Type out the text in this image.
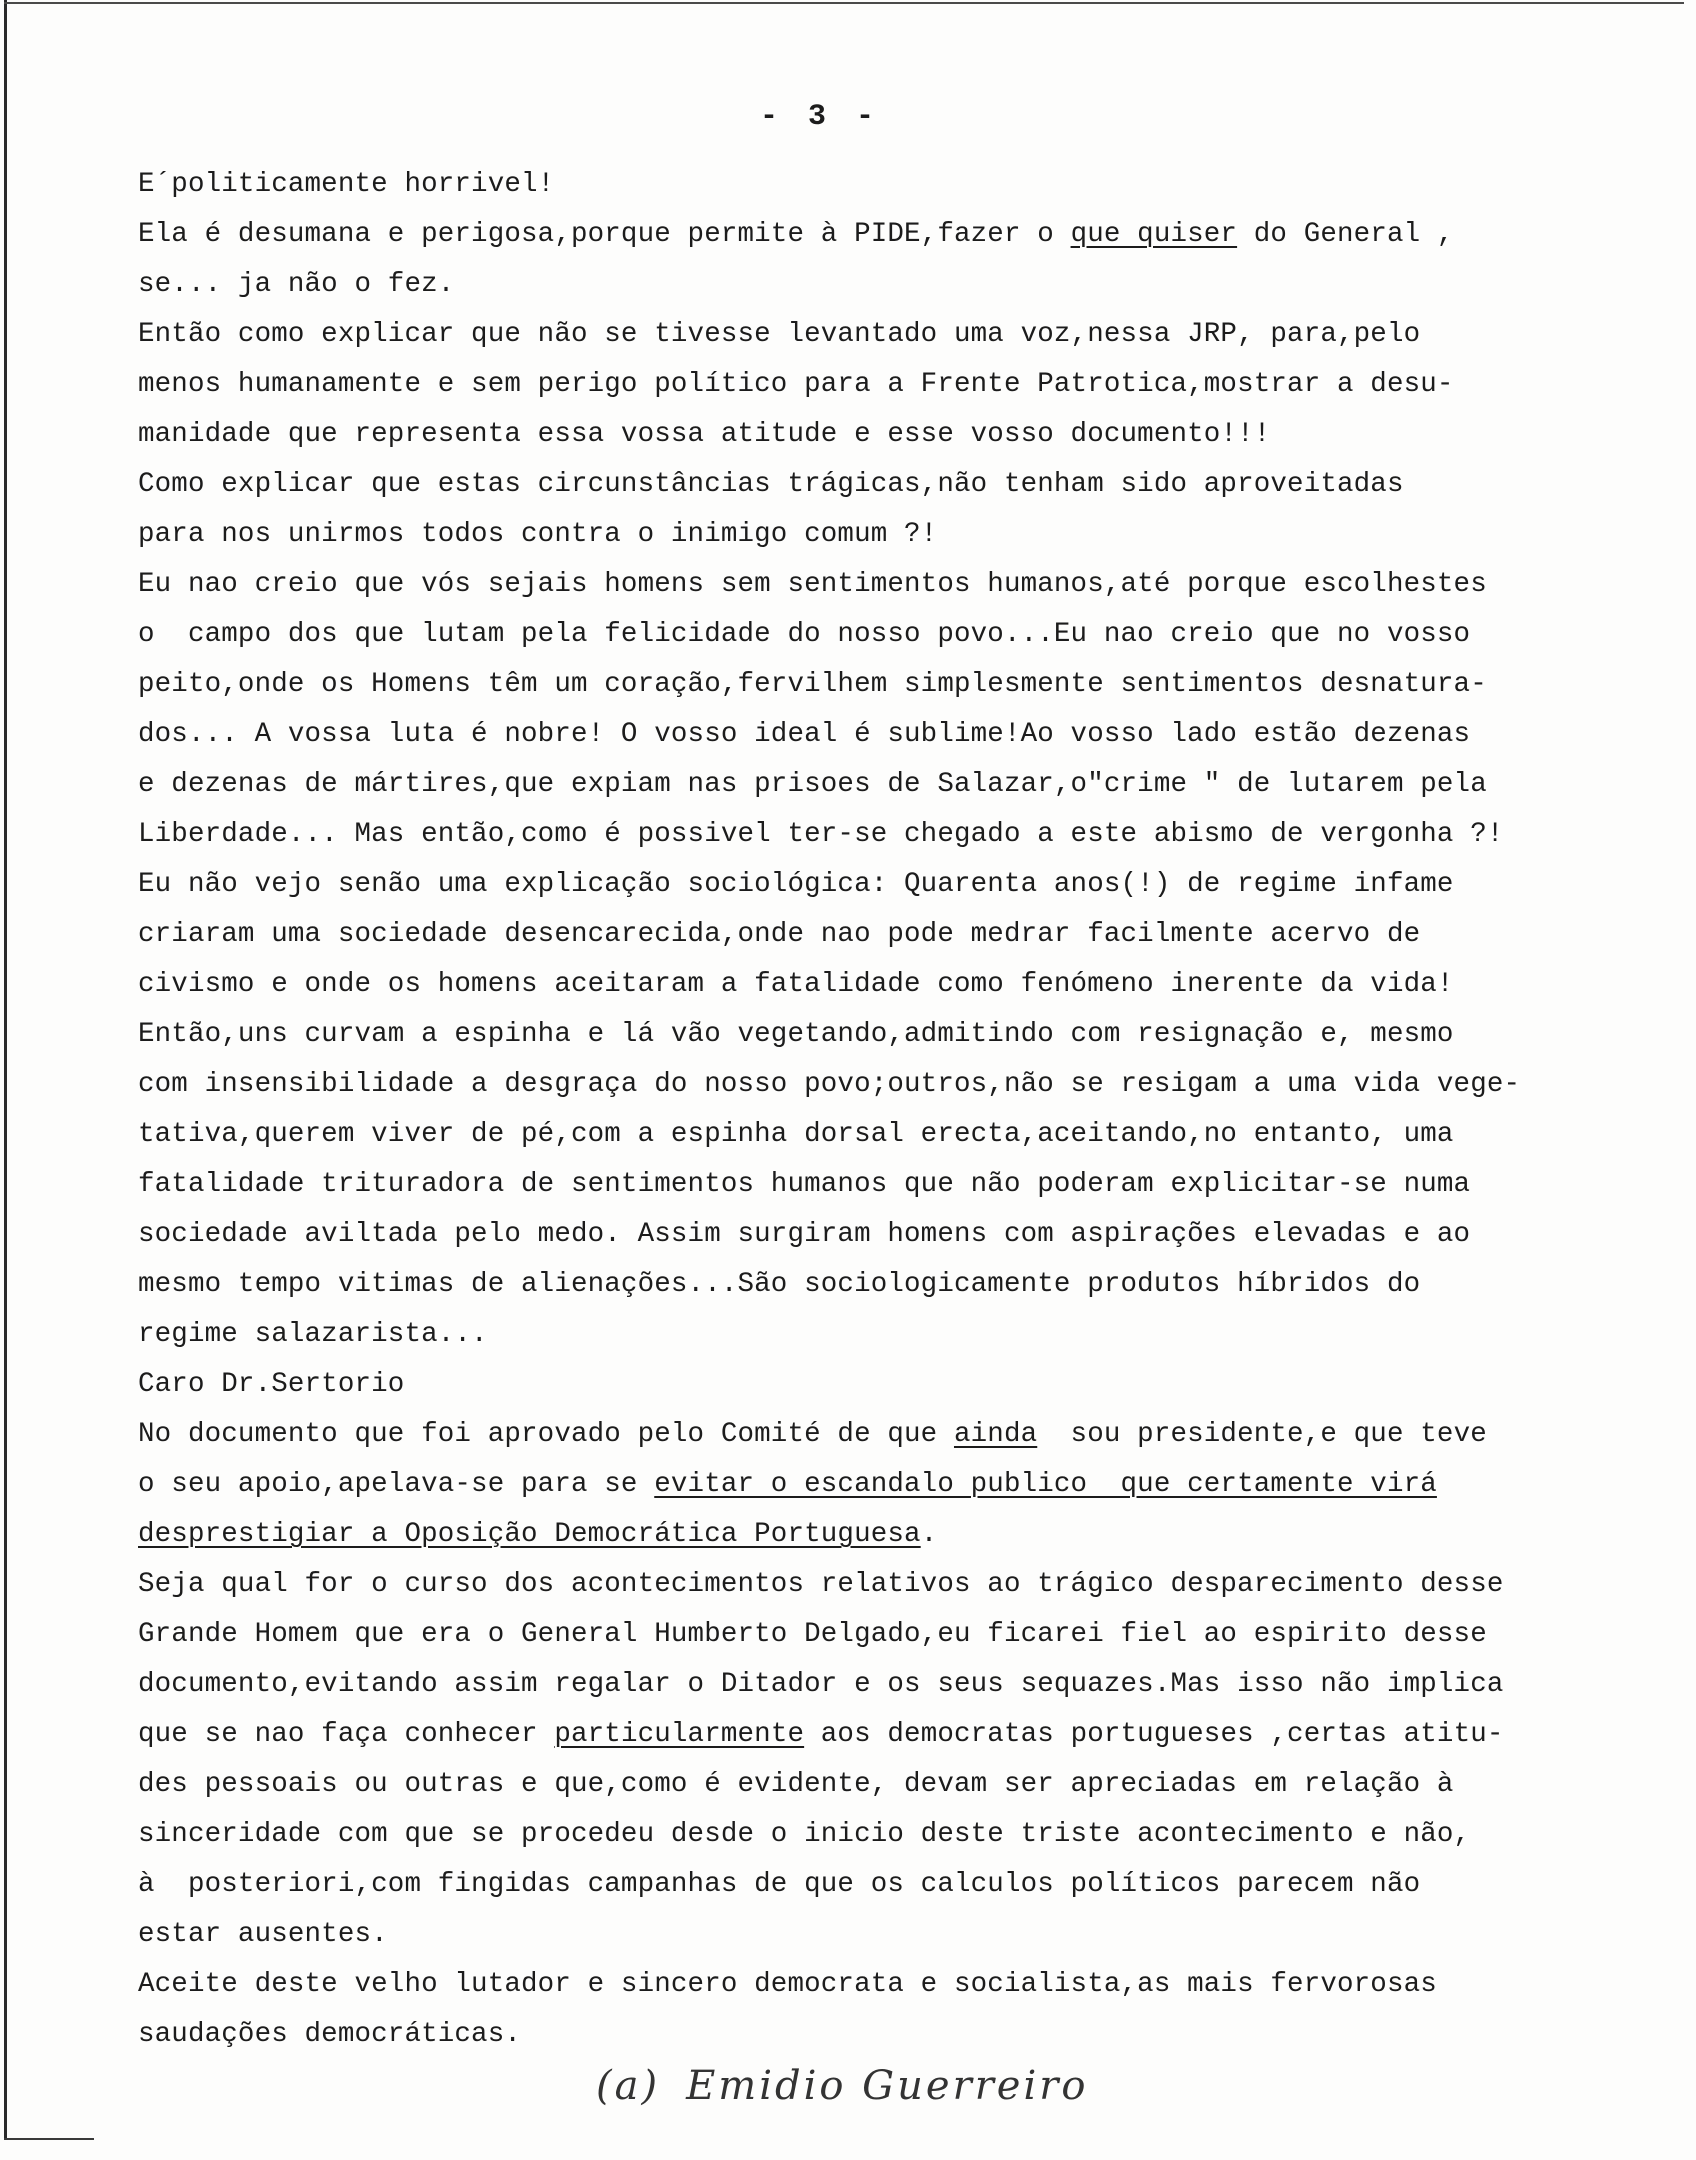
- 3 -
E´politicamente horrivel!
Ela é desumana e perigosa,porque permite à PIDE,fazer o que quiser do General ,
se... ja não o fez.
Então como explicar que não se tivesse levantado uma voz,nessa JRP, para,pelo
menos humanamente e sem perigo político para a Frente Patrotica,mostrar a desu-
manidade que representa essa vossa atitude e esse vosso documento!!!
Como explicar que estas circunstâncias trágicas,não tenham sido aproveitadas
para nos unirmos todos contra o inimigo comum ?!
Eu nao creio que vós sejais homens sem sentimentos humanos,até porque escolhestes
o  campo dos que lutam pela felicidade do nosso povo...Eu nao creio que no vosso
peito,onde os Homens têm um coração,fervilhem simplesmente sentimentos desnatura-
dos... A vossa luta é nobre! O vosso ideal é sublime!Ao vosso lado estão dezenas
e dezenas de mártires,que expiam nas prisoes de Salazar,o"crime " de lutarem pela
Liberdade... Mas então,como é possivel ter-se chegado a este abismo de vergonha ?!
Eu não vejo senão uma explicação sociológica: Quarenta anos(!) de regime infame
criaram uma sociedade desencarecida,onde nao pode medrar facilmente acervo de
civismo e onde os homens aceitaram a fatalidade como fenómeno inerente da vida!
Então,uns curvam a espinha e lá vão vegetando,admitindo com resignação e, mesmo
com insensibilidade a desgraça do nosso povo;outros,não se resigam a uma vida vege-
tativa,querem viver de pé,com a espinha dorsal erecta,aceitando,no entanto, uma
fatalidade trituradora de sentimentos humanos que não poderam explicitar-se numa
sociedade aviltada pelo medo. Assim surgiram homens com aspirações elevadas e ao
mesmo tempo vitimas de alienações...São sociologicamente produtos híbridos do
regime salazarista...
Caro Dr.Sertorio
No documento que foi aprovado pelo Comité de que ainda  sou presidente,e que teve
o seu apoio,apelava-se para se evitar o escandalo publico  que certamente virá
desprestigiar a Oposição Democrática Portuguesa.
Seja qual for o curso dos acontecimentos relativos ao trágico desparecimento desse
Grande Homem que era o General Humberto Delgado,eu ficarei fiel ao espirito desse
documento,evitando assim regalar o Ditador e os seus sequazes.Mas isso não implica
que se nao faça conhecer particularmente aos democratas portugueses ,certas atitu-
des pessoais ou outras e que,como é evidente, devam ser apreciadas em relação à
sinceridade com que se procedeu desde o inicio deste triste acontecimento e não,
à  posteriori,com fingidas campanhas de que os calculos políticos parecem não
estar ausentes.
Aceite deste velho lutador e sincero democrata e socialista,as mais fervorosas
saudações democráticas.
(a) Emidio Guerreiro
